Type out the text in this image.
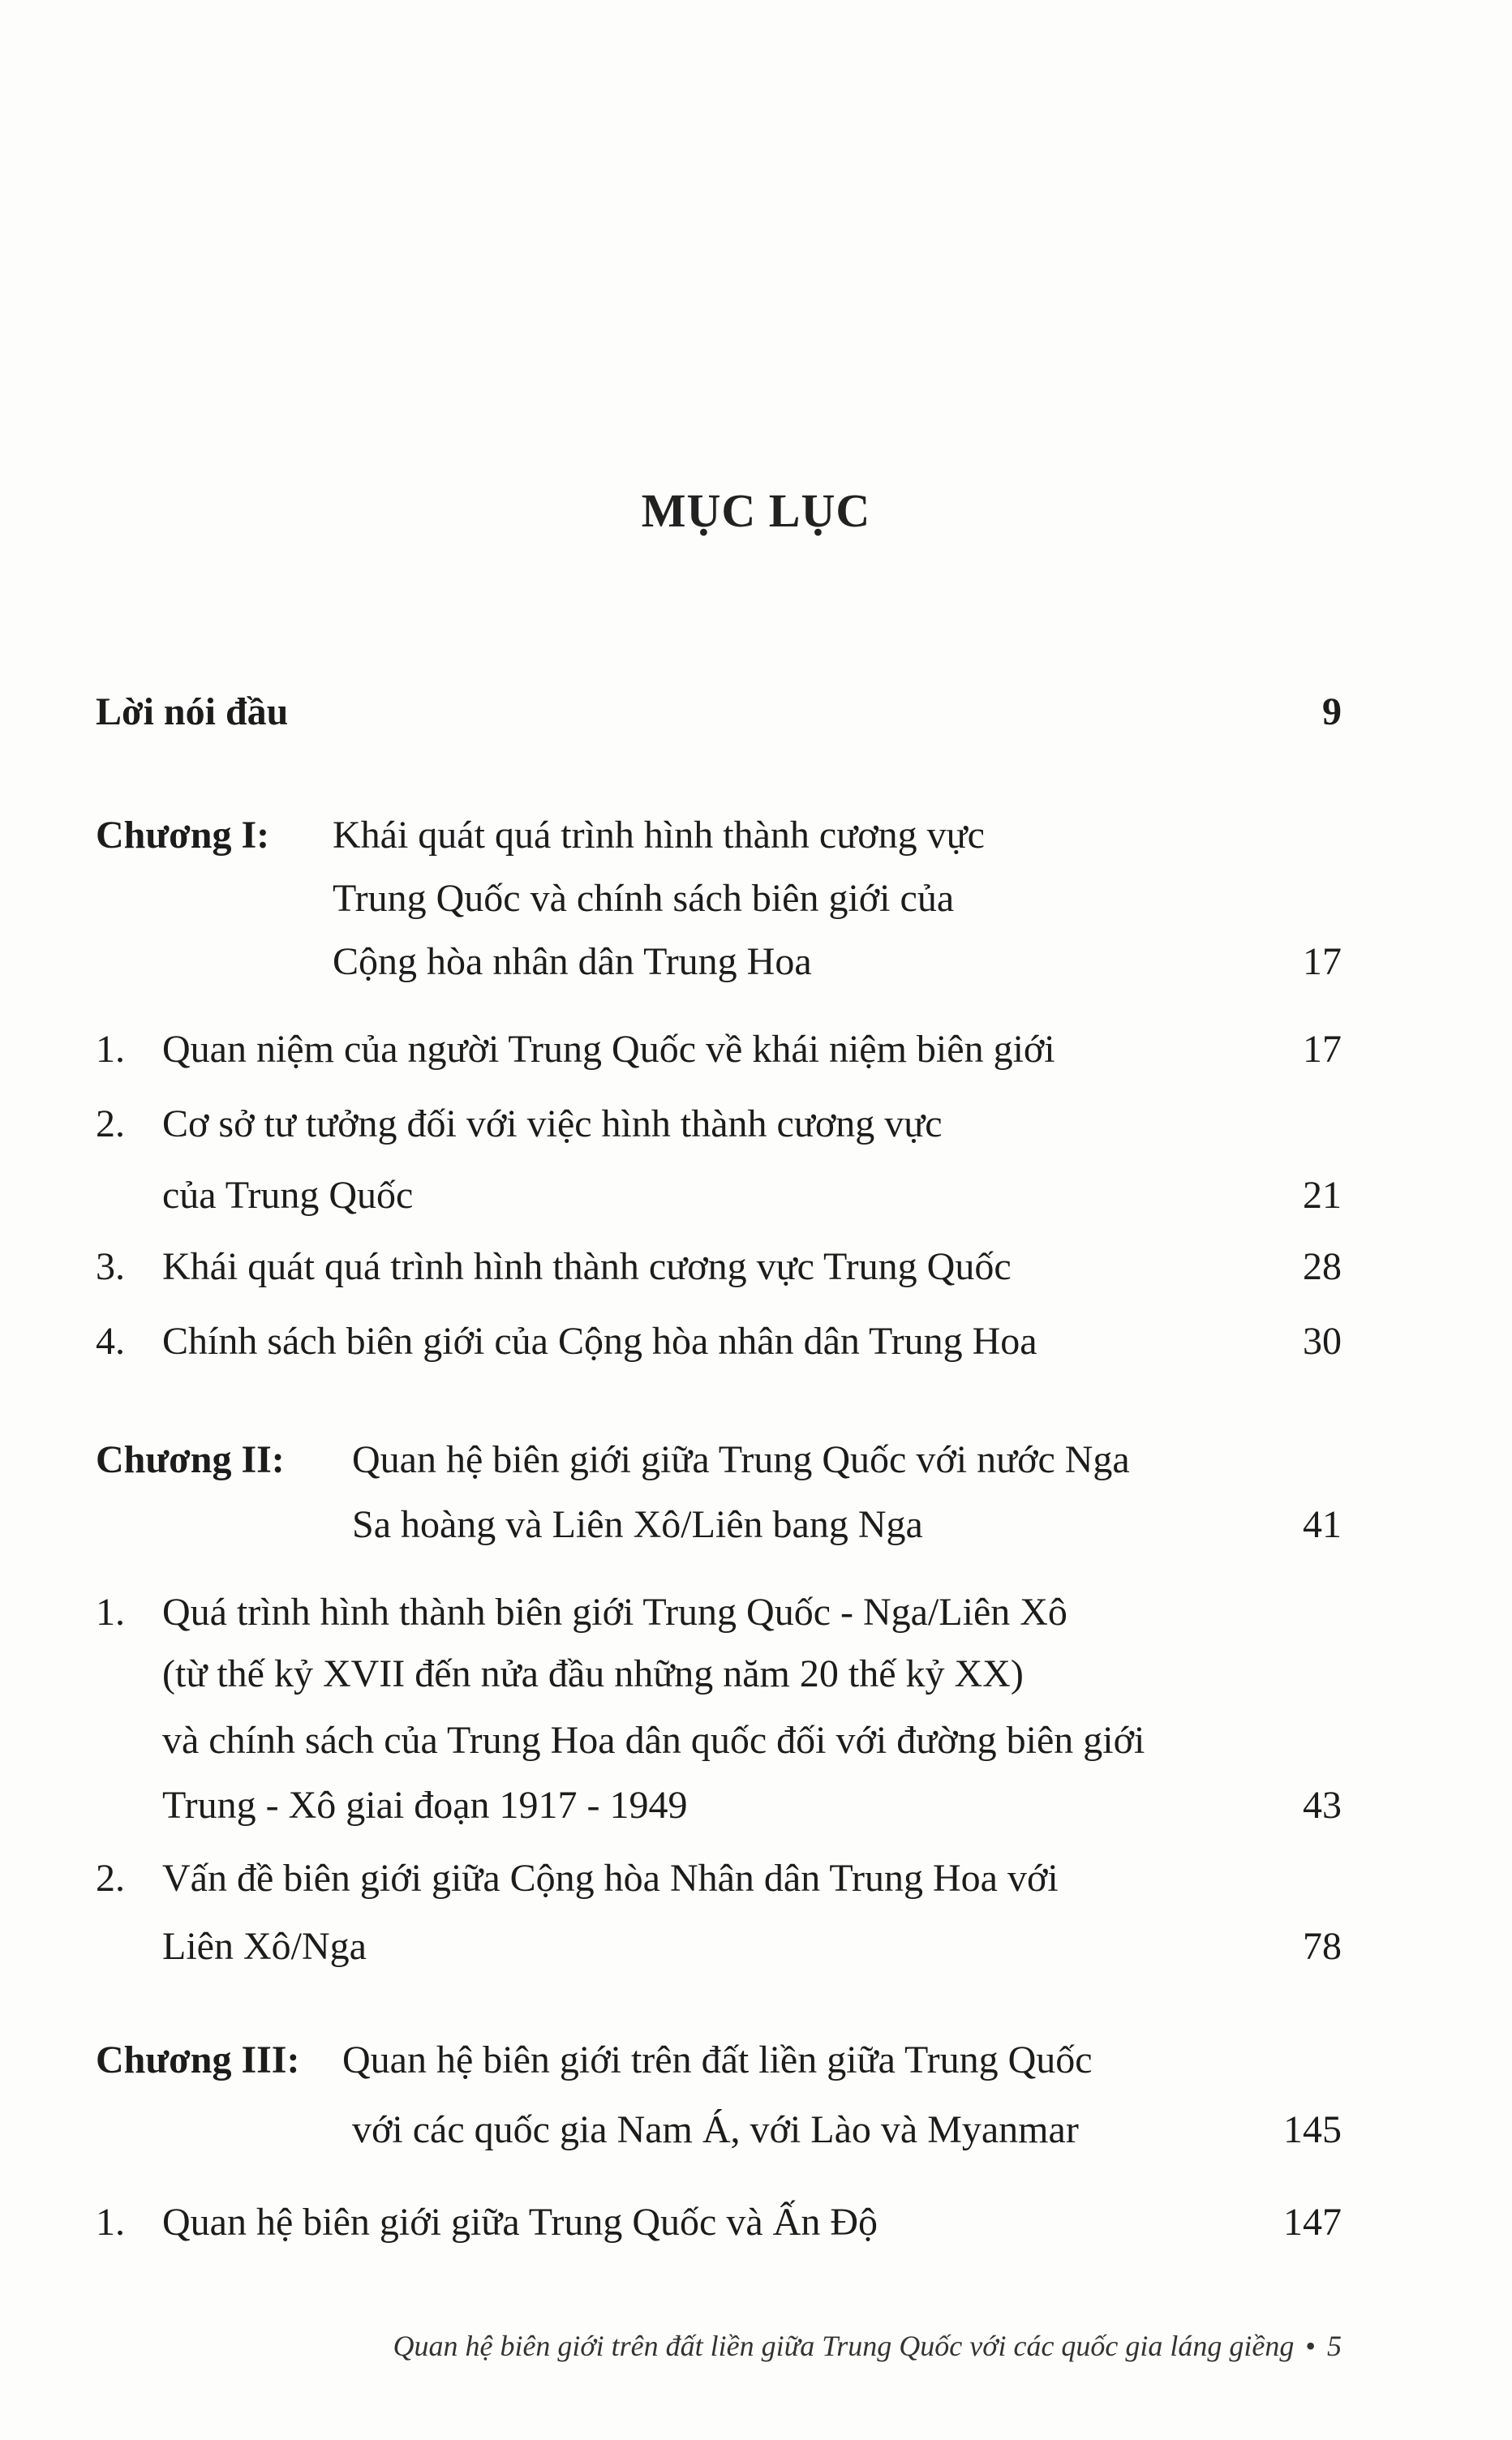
MỤC LỤC
Lời nói đầu	9
Chương I: Khái quát quá trình hình thành cương vực
Trung Quốc và chính sách biên giới của
Cộng hòa nhân dân Trung Hoa	17
1. Quan niệm của người Trung Quốc về khái niệm biên giới	17
2. Cơ sở tư tưởng đối với việc hình thành cương vực
của Trung Quốc	21
3. Khái quát quá trình hình thành cương vực Trung Quốc	28
4. Chính sách biên giới của Cộng hòa nhân dân Trung Hoa	30
Chương II: Quan hệ biên giới giữa Trung Quốc với nước Nga
Sa hoàng và Liên Xô/Liên bang Nga	41
1. Quá trình hình thành biên giới Trung Quốc - Nga/Liên Xô
(từ thế kỷ XVII đến nửa đầu những năm 20 thế kỷ XX)
và chính sách của Trung Hoa dân quốc đối với đường biên giới
Trung - Xô giai đoạn 1917 - 1949	43
2. Vấn đề biên giới giữa Cộng hòa Nhân dân Trung Hoa với
Liên Xô/Nga	78
Chương III: Quan hệ biên giới trên đất liền giữa Trung Quốc
với các quốc gia Nam Á, với Lào và Myanmar	145
1. Quan hệ biên giới giữa Trung Quốc và Ấn Độ	147
Quan hệ biên giới trên đất liền giữa Trung Quốc với các quốc gia láng giềng • 5
